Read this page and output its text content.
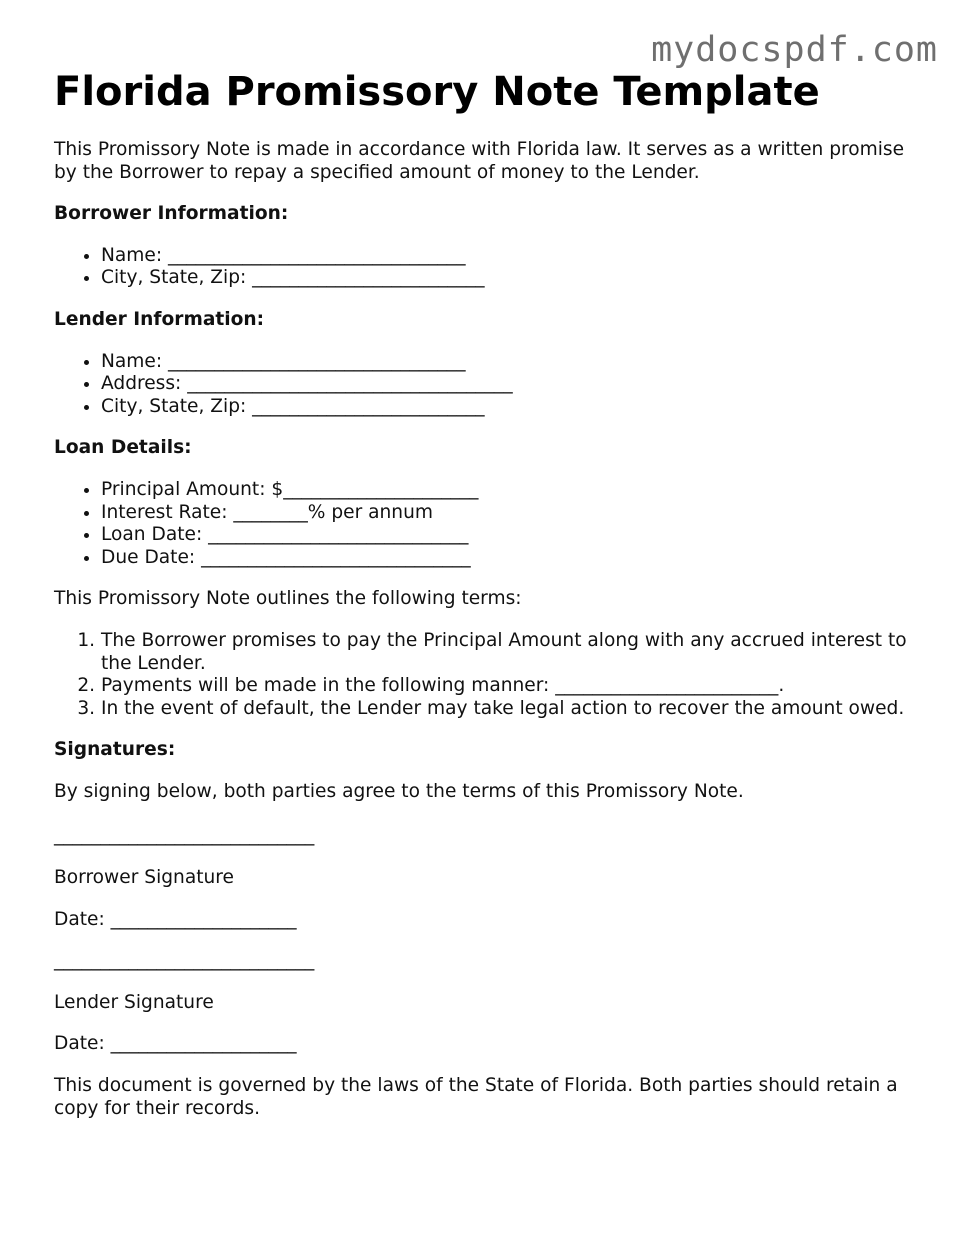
mydocspdf.com
Florida Promissory Note Template

This Promissory Note is made in accordance with Florida law. It serves as a written promise by the Borrower to repay a specified amount of money to the Lender.

Borrower Information:

• Name: ________________________________
• City, State, Zip: _________________________

Lender Information:

• Name: ________________________________
• Address: ___________________________________
• City, State, Zip: _________________________

Loan Details:

• Principal Amount: $_____________________
• Interest Rate: ________% per annum
• Loan Date: ____________________________
• Due Date: _____________________________

This Promissory Note outlines the following terms:

1. The Borrower promises to pay the Principal Amount along with any accrued interest to the Lender.
2. Payments will be made in the following manner: ________________________.
3. In the event of default, the Lender may take legal action to recover the amount owed.

Signatures:

By signing below, both parties agree to the terms of this Promissory Note.

____________________________

Borrower Signature

Date: ____________________

____________________________

Lender Signature

Date: ____________________

This document is governed by the laws of the State of Florida. Both parties should retain a copy for their records.
